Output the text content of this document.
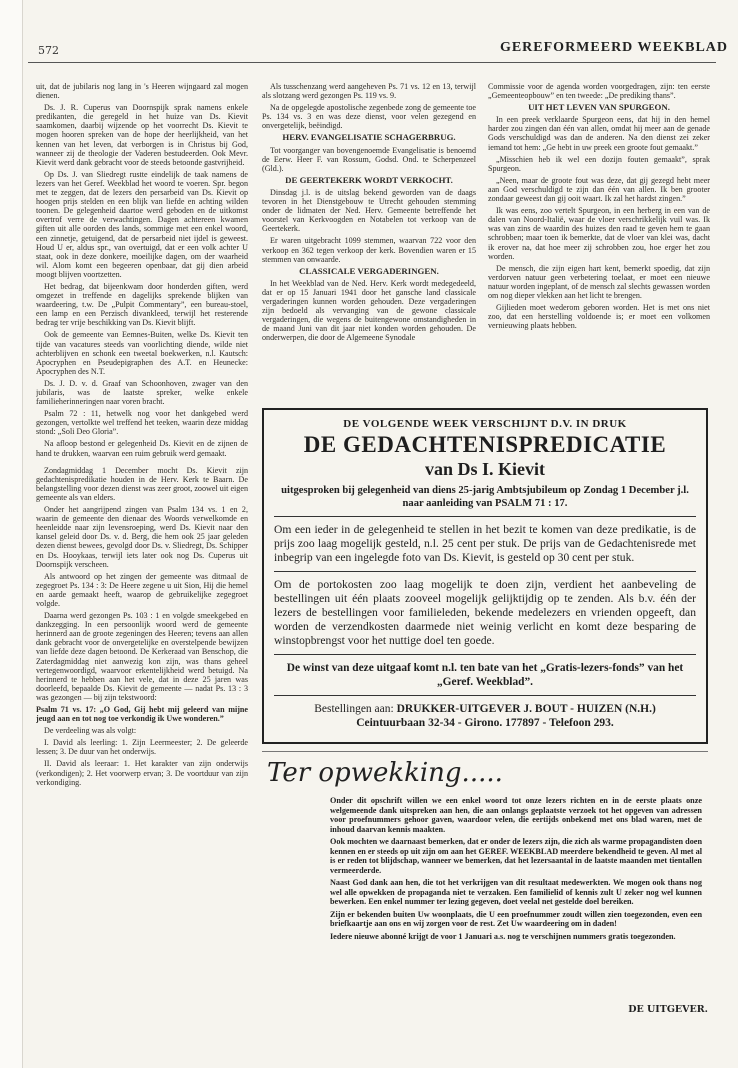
572	GEREFORMEERD WEEKBLAD

uit, dat de jubilaris nog lang in 's Heeren wijngaard zal mogen dienen.

Ds. J. R. Cuperus van Doornspijk sprak namens enkele predikanten, die geregeld in het huize van Ds. Kievit saamkomen, daarbij wijzende op het voorrecht Ds. Kievit te mogen hooren spreken van de hope der heerlijkheid, van het kennen van het leven, dat verborgen is in Christus bij God, wanneer zij de theologie der Vaderen bestudeerden. Ook Mevr. Kievit werd dank gebracht voor de steeds betoonde gastvrijheid.

Op Ds. J. van Sliedregt rustte eindelijk de taak namens de lezers van het Geref. Weekblad het woord te voeren. Spr. begon met te zeggen, dat de lezers den persarbeid van Ds. Kievit op hoogen prijs stelden en een blijk van liefde en achting wilden toonen. De gelegenheid daartoe werd geboden en de uitkomst overtrof verre de verwachtingen. Dagen achtereen kwamen giften uit alle oorden des lands, sommige met een enkel woord, een zinnetje, getuigend, dat de persarbeid niet ijdel is geweest. Houd U er, aldus spr., van overtuigd, dat er een volk achter U staat, ook in deze donkere, moeilijke dagen, om der waarheid wil. Alom komt een begeeren openbaar, dat gij dien arbeid moogt blijven voortzetten.

Het bedrag, dat bijeenkwam door honderden giften, werd omgezet in treffende en dagelijks sprekende blijken van waardeering, t.w. De „Pulpit Commentary”, een bureau-stoel, een lamp en een Perzisch divankleed, terwijl het resterende bedrag ter vrije beschikking van Ds. Kievit blijft.

Ook de gemeente van Eemnes-Buiten, welke Ds. Kievit ten tijde van vacatures steeds van voorlichting diende, wilde niet achterblijven en schonk een tweetal boekwerken, n.l. Kautsch: Apocryphen en Pseudepigraphen des A.T. en Heunecke: Apocryphen des N.T.

Ds. J. D. v. d. Graaf van Schoonhoven, zwager van den jubilaris, was de laatste spreker, welke enkele familieherinneringen naar voren bracht.

Psalm 72 : 11, hetwelk nog voor het dankgebed werd gezongen, vertolkte wel treffend het teeken, waarin deze middag stond: „Soli Deo Gloria”.

Na afloop bestond er gelegenheid Ds. Kievit en de zijnen de hand te drukken, waarvan een ruim gebruik werd gemaakt.

Zondagmiddag 1 December mocht Ds. Kievit zijn gedachtenispredikatie houden in de Herv. Kerk te Baarn. De belangstelling voor dezen dienst was zeer groot, zoowel uit eigen gemeente als van elders.

Onder het aangrijpend zingen van Psalm 134 vs. 1 en 2, waarin de gemeente den dienaar des Woords verwelkomde en heenleidde naar zijn levensroeping, werd Ds. Kievit naar den kansel geleid door Ds. v. d. Berg, die hem ook 25 jaar geleden dezen dienst bewees, gevolgd door Ds. v. Sliedregt, Ds. Schipper en Ds. Hooykaas, terwijl iets later ook nog Ds. Cuperus uit Doornspijk verscheen.

Als antwoord op het zingen der gemeente was ditmaal de zegegroet Ps. 134 : 3: De Heere zegene u uit Sion, Hij die hemel en aarde gemaakt heeft, waarop de gebruikelijke zegegroet volgde.

Daarna werd gezongen Ps. 103 : 1 en volgde smeekgebed en dankzegging. In een persoonlijk woord werd de gemeente herinnerd aan de groote zegeningen des Heeren; tevens aan allen dank gebracht voor de onvergetelijke en overstelpende bewijzen van liefde deze dagen betoond. De Kerkeraad van Benschop, die Zaterdagmiddag niet aanwezig kon zijn, was thans geheel vertegenwoordigd, waarvoor erkentelijkheid werd betuigd. Na herinnerd te hebben aan het vele, dat in deze 25 jaren was doorleefd, bepaalde Ds. Kievit de gemeente — nadat Ps. 13 : 3 was gezongen — bij zijn tekstwoord:

Psalm 71 vs. 17: „O God, Gij hebt mij geleerd van mijne jeugd aan en tot nog toe verkondig ik Uwe wonderen.”

De verdeeling was als volgt:

I. David als leerling: 1. Zijn Leermeester; 2. De geleerde lessen; 3. De duur van het onderwijs.

II. David als leeraar: 1. Het karakter van zijn onderwijs (verkondigen); 2. Het voorwerp ervan; 3. De voortduur van zijn verkondiging.

Als tusschenzang werd aangeheven Ps. 71 vs. 12 en 13, terwijl als slotzang werd gezongen Ps. 119 vs. 9.

Na de opgelegde apostolische zegenbede zong de gemeente toe Ps. 134 vs. 3 en was deze dienst, voor velen gezegend en onvergetelijk, beëindigd.

HERV. EVANGELISATIE SCHAGERBRUG.

Tot voorganger van bovengenoemde Evangelisatie is benoemd de Eerw. Heer F. van Rossum, Godsd. Ond. te Scherpenzeel (Gld.).

DE GEERTEKERK WORDT VERKOCHT.

Dinsdag j.l. is de uitslag bekend geworden van de daags tevoren in het Dienstgebouw te Utrecht gehouden stemming onder de lidmaten der Ned. Herv. Gemeente betreffende het voorstel van Kerkvoogden en Notabelen tot verkoop van de Geertekerk.

Er waren uitgebracht 1099 stemmen, waarvan 722 voor den verkoop en 362 tegen verkoop der kerk. Bovendien waren er 15 stemmen van onwaarde.

CLASSICALE VERGADERINGEN.

In het Weekblad van de Ned. Herv. Kerk wordt medegedeeld, dat er op 15 Januari 1941 door het gansche land classicale vergaderingen kunnen worden gehouden. Deze vergaderingen zijn bedoeld als vervanging van de gewone classicale vergaderingen, die wegens de buitengewone omstandigheden in de maand Juni van dit jaar niet konden worden gehouden. De onderwerpen, die door de Algemeene Synodale

Commissie voor de agenda worden voorgedragen, zijn: ten eerste „Gemeenteopbouw” en ten tweede: „De prediking thans”.

UIT HET LEVEN VAN SPURGEON.

In een preek verklaarde Spurgeon eens, dat hij in den hemel harder zou zingen dan één van allen, omdat hij meer aan de genade Gods verschuldigd was dan de anderen. Na den dienst zei zeker iemand tot hem: „Ge hebt in uw preek een groote fout gemaakt.”

„Misschien heb ik wel een dozijn fouten gemaakt”, sprak Spurgeon.

„Neen, maar de groote fout was deze, dat gij gezegd hebt meer aan God verschuldigd te zijn dan één van allen. Ik ben grooter zondaar geweest dan gij ooit waart. Ik zal het hardst zingen.”

Ik was eens, zoo vertelt Spurgeon, in een herberg in een van de dalen van Noord-Italië, waar de vloer verschrikkelijk vuil was. Ik was van zins de waardin des huizes den raad te geven hem te gaan schrobben; maar toen ik bemerkte, dat de vloer van klei was, dacht ik erover na, dat hoe meer zij schrobben zou, hoe erger het zou worden.

De mensch, die zijn eigen hart kent, bemerkt spoedig, dat zijn verdorven natuur geen verbetering toelaat, er moet een nieuwe natuur worden ingeplant, of de mensch zal slechts gewassen worden om nog dieper vlekken aan het licht te brengen.

Gijlieden moet wederom geboren worden. Het is met ons niet zoo, dat een herstelling voldoende is; er moet een volkomen vernieuwing plaats hebben.

DE VOLGENDE WEEK VERSCHIJNT D.V. IN DRUK
DE GEDACHTENISPREDICATIE
van Ds I. Kievit
uitgesproken bij gelegenheid van diens 25-jarig Ambtsjubileum op Zondag 1 December j.l. naar aanleiding van PSALM 71 : 17.
Om een ieder in de gelegenheid te stellen in het bezit te komen van deze predikatie, is de prijs zoo laag mogelijk gesteld, n.l. 25 cent per stuk. De prijs van de Gedachtenisrede met inbegrip van een ingelegde foto van Ds. Kievit, is gesteld op 30 cent per stuk.
Om de portokosten zoo laag mogelijk te doen zijn, verdient het aanbeveling de bestellingen uit één plaats zooveel mogelijk gelijktijdig op te zenden. Als b.v. één der lezers de bestellingen voor familieleden, bekende medelezers en vrienden opgeeft, dan worden de verzendkosten daarmede niet weinig verlicht en komt deze besparing de winstopbrengst voor het nuttige doel ten goede.
De winst van deze uitgaaf komt n.l. ten bate van het „Gratis-lezers-fonds” van het „Geref. Weekblad”.
Bestellingen aan: DRUKKER-UITGEVER J. BOUT - HUIZEN (N.H.)
Ceintuurbaan 32-34 - Girono. 177897 - Telefoon 293.
Ter opwekking.....

Onder dit opschrift willen we een enkel woord tot onze lezers richten en in de eerste plaats onze welgemeende dank uitspreken aan hen, die aan onlangs geplaatste verzoek tot het opgeven van adressen voor proefnummers gehoor gaven, waardoor velen, die eertijds onbekend met ons blad waren, met de inhoud daarvan kennis maakten.

Ook mochten we daarnaast bemerken, dat er onder de lezers zijn, die zich als warme propagandisten doen kennen en er steeds op uit zijn om aan het GEREF. WEEKBLAD meerdere bekendheid te geven. Al met al is er reden tot blijdschap, wanneer we bemerken, dat het lezersaantal in de laatste maanden met tientallen vermeerderde.

Naast God dank aan hen, die tot het verkrijgen van dit resultaat medewerkten. We mogen ook thans nog wel alle opwekken de propaganda niet te verzaken. Een familielid of kennis zult U zeker nog wel kunnen bewerken. Een enkel nummer ter lezing gegeven, doet veelal net gestelde doel bereiken.

Zijn er bekenden buiten Uw woonplaats, die U een proefnummer zoudt willen zien toegezonden, even een briefkaartje aan ons en wij zorgen voor de rest. Zet Uw waardeering om in daden!

Iedere nieuwe abonné krijgt de voor 1 Januari a.s. nog te verschijnen nummers gratis toegezonden.

DE UITGEVER.
